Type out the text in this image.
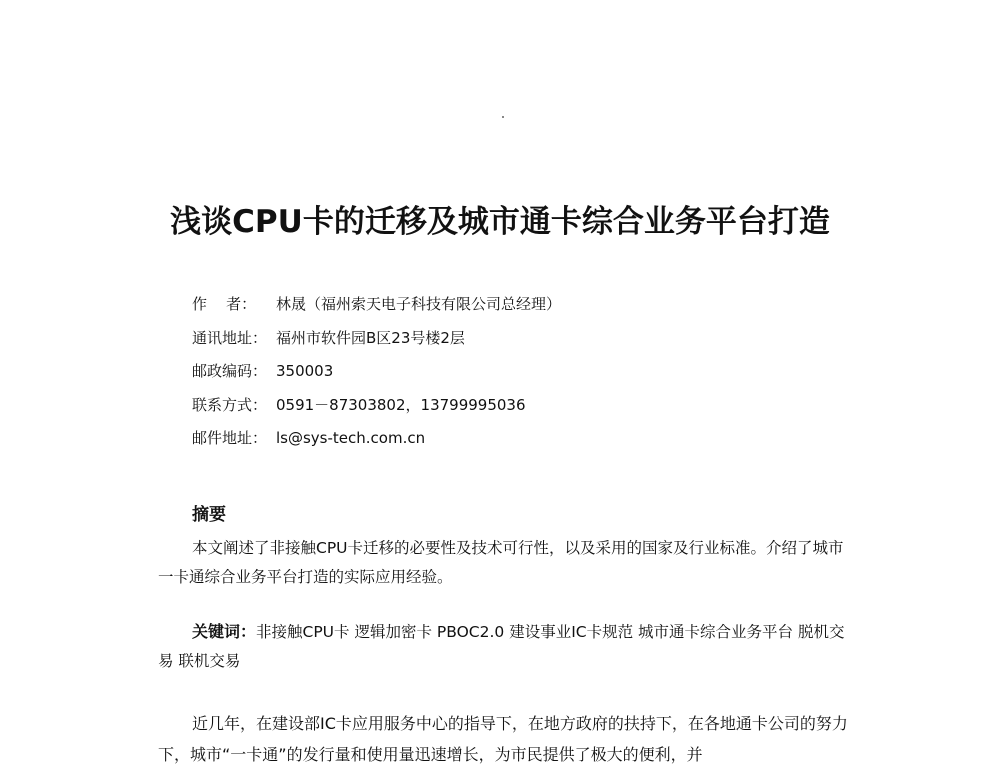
浅谈CPU卡的迁移及城市通卡综合业务平台打造
作    者：	林晟（福州索天电子科技有限公司总经理）
通讯地址： 福州市软件园B区23号楼2层
邮政编码： 350003
联系方式： 0591－87303802，13799995036
邮件地址： ls@sys-tech.com.cn
摘要

本文阐述了非接触CPU卡迁移的必要性及技术可行性，以及采用的国家及行业标准。介绍了城市一卡通综合业务平台打造的实际应用经验。

关键词：非接触CPU卡 逻辑加密卡 PBOC2.0 建设事业IC卡规范 城市通卡综合业务平台 脱机交易 联机交易

近几年，在建设部IC卡应用服务中心的指导下，在地方政府的扶持下，在各地通卡公司的努力下，城市“一卡通”的发行量和使用量迅速增长，为市民提供了极大的便利，并
